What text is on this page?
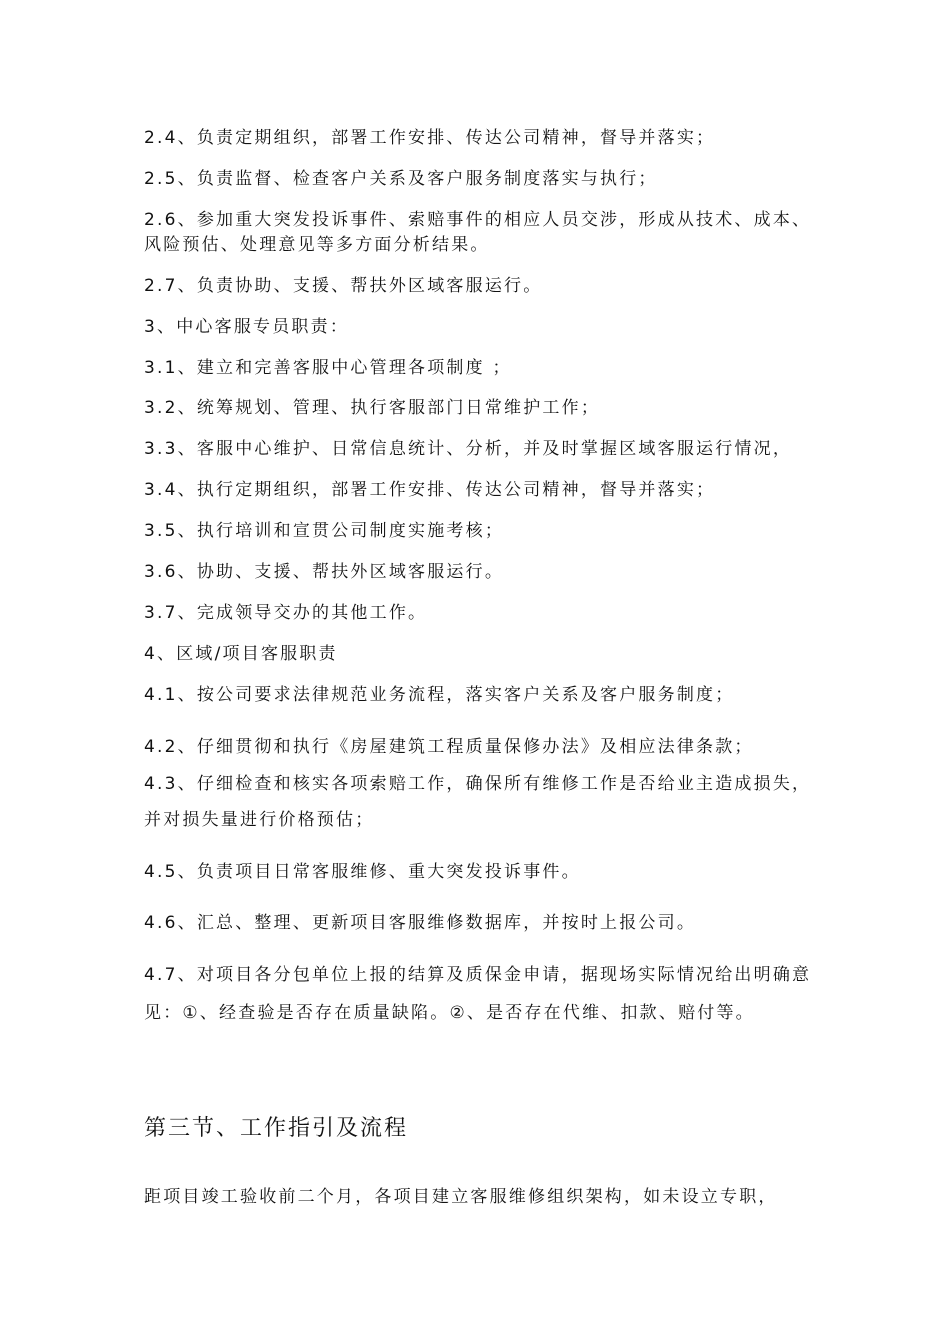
2.4、负责定期组织，部署工作安排、传达公司精神，督导并落实；
2.5、负责监督、检查客户关系及客户服务制度落实与执行；
2.6、参加重大突发投诉事件、索赔事件的相应人员交涉，形成从技术、成本、
风险预估、处理意见等多方面分析结果。
2.7、负责协助、支援、帮扶外区域客服运行。
3、中心客服专员职责：
3.1、建立和完善客服中心管理各项制度 ；
3.2、统筹规划、管理、执行客服部门日常维护工作；
3.3、客服中心维护、日常信息统计、分析，并及时掌握区域客服运行情况，
3.4、执行定期组织，部署工作安排、传达公司精神，督导并落实；
3.5、执行培训和宣贯公司制度实施考核；
3.6、协助、支援、帮扶外区域客服运行。
3.7、完成领导交办的其他工作。
4、区域/项目客服职责
4.1、按公司要求法律规范业务流程，落实客户关系及客户服务制度；
4.2、仔细贯彻和执行《房屋建筑工程质量保修办法》及相应法律条款；
4.3、仔细检查和核实各项索赔工作，确保所有维修工作是否给业主造成损失，
并对损失量进行价格预估；
4.5、负责项目日常客服维修、重大突发投诉事件。
4.6、汇总、整理、更新项目客服维修数据库，并按时上报公司。
4.7、对项目各分包单位上报的结算及质保金申请，据现场实际情况给出明确意
见：①、经查验是否存在质量缺陷。②、是否存在代维、扣款、赔付等。
第三节、工作指引及流程
距项目竣工验收前二个月，各项目建立客服维修组织架构，如未设立专职，
